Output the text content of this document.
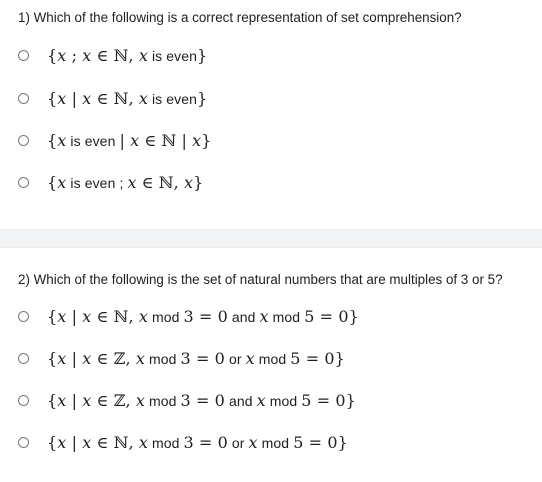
1) Which of the following is a correct representation of set comprehension?
{x ; x ∈ ℕ, x is even}
{x | x ∈ ℕ, x is even}
{x is even | x ∈ ℕ | x}
{x is even ; x ∈ ℕ, x}
2) Which of the following is the set of natural numbers that are multiples of 3 or 5?
{x | x ∈ ℕ, x mod 3 = 0 and x mod 5 = 0}
{x | x ∈ ℤ, x mod 3 = 0 or x mod 5 = 0}
{x | x ∈ ℤ, x mod 3 = 0 and x mod 5 = 0}
{x | x ∈ ℕ, x mod 3 = 0 or x mod 5 = 0}
